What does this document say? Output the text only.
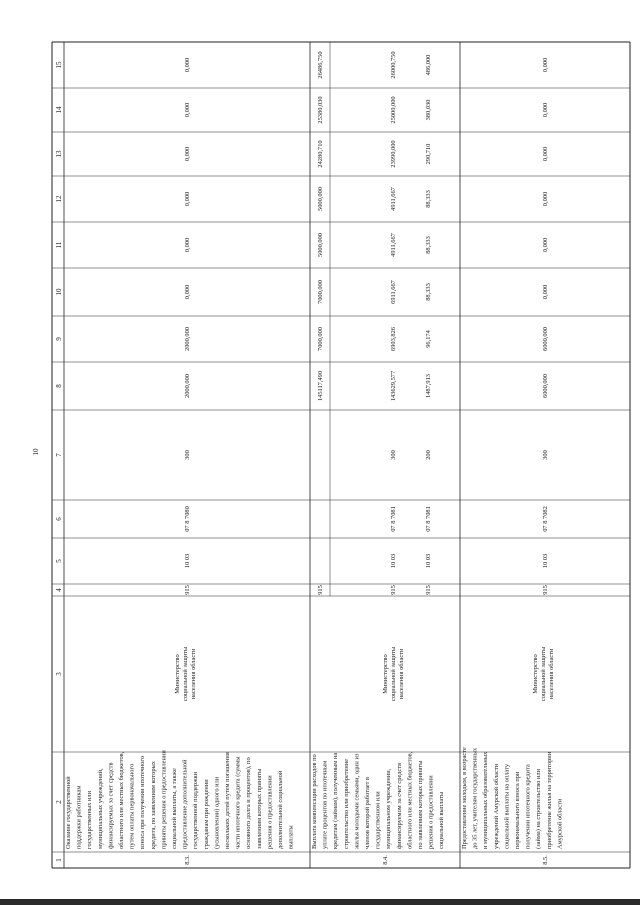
1
2
3
4
5
6
7
8
9
10
11
12
13
14
15
8.3.
Оказание государственной поддержки работникам государственных или муниципальных учреждений, финансируемых за счет средств областного или местных бюджетов, путем оплаты первоначального взноса при получении ипотечного кредита, по заявлениям которых приняты решения о предоставлении социальной выплаты, а также предоставление дополнительной государственной поддержки гражданам при рождении (усыновлении) одного или нескольких детей путем погашения части ипотечного кредита (суммы основного долга и процентов), по заявлениям которых приняты решения о предоставлении дополнительной социальной выплаты
Министерство социальной защиты населения области
915
10 03
07 8 7080
300
2000,000
2000,000
0,000
0,000
0,000
0,000
0,000
0,000
8.4.
Выплата компенсации расходов по уплате процентов по ипотечным кредитам (займам), полученным на строительство или приобретение жилья молодыми семьями, один из членов которой работает в государственном или муниципальном учреждении, финансируемом за счет средств областного или местных бюджетов, по заявлениям которых приняты решения о предоставлении социальной выплаты
Министерство социальной защиты населения области
915
145117,490
7000,000
7000,000
5000,000
5000,000
24280,710
25380,030
26486,750
915
10 03
07 8 7081
300
143629,577
6903,826
6911,667
4911,667
4911,667
23990,000
25000,000
26000,750
915
10 03
07 8 7081
200
1487,913
96,174
88,333
88,333
88,333
290,710
380,030
486,000
8.5.
Предоставление молодым, в возрасте до 35 лет, учителям государственных и муниципальных образовательных учреждений Амурской области социальной выплаты на оплату первоначального взноса при получении ипотечного кредита (займа) на строительство или приобретение жилья на территории Амурской области
Министерство социальной защиты населения области
915
10 03
07 8 7082
300
6000,000
6000,000
0,000
0,000
0,000
0,000
0,000
0,000
10
